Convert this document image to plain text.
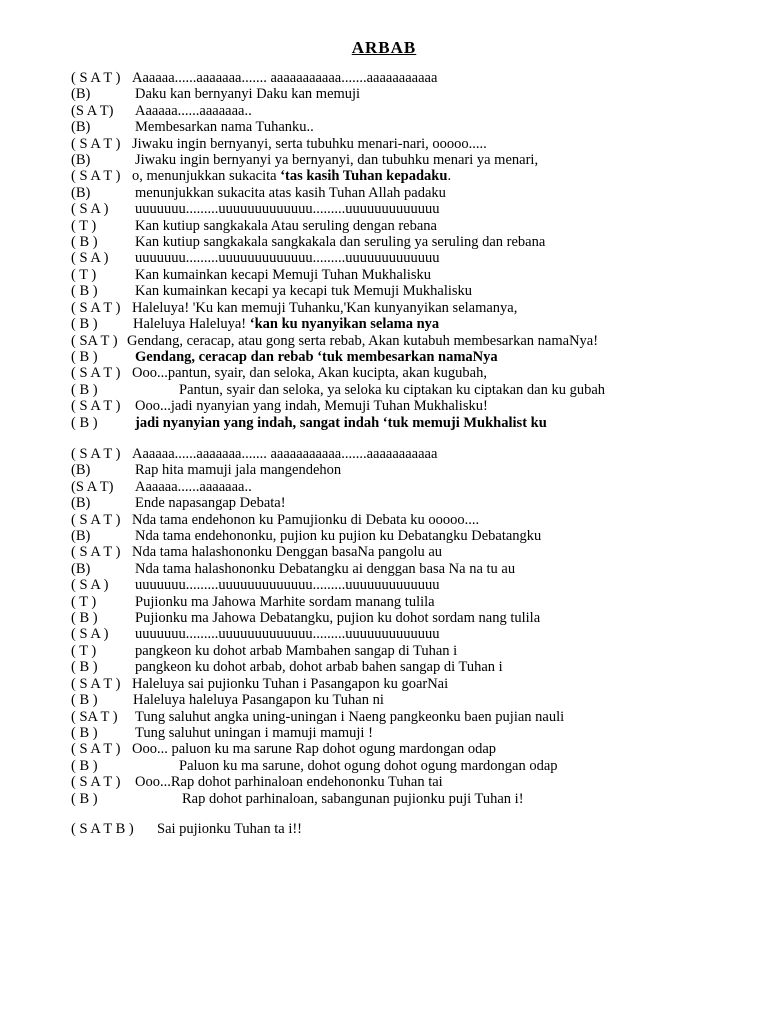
ARBAB
( S A T ) Aaaaaa......aaaaaaa....... aaaaaaaaaaa.......aaaaaaaaaaa
(B)	Daku kan bernyanyi Daku kan memuji
(S A T) Aaaaaa......aaaaaaa..
(B)	Membesarkan nama Tuhanku..
( S A T ) Jiwaku ingin bernyanyi, serta tubuhku menari-nari, ooooo.....
(B)	Jiwaku ingin bernyanyi ya bernyanyi, dan tubuhku menari ya menari,
( S A T ) o, menunjukkan sukacita ‘tas kasih Tuhan kepadaku.
(B)	menunjukkan sukacita atas kasih Tuhan Allah padaku
( S A ) uuuuuuu.........uuuuuuuuuuuuu.........uuuuuuuuuuuuu
( T )	Kan kutiup sangkakala Atau seruling dengan rebana
( B )	Kan kutiup sangkakala sangkakala dan seruling ya seruling dan rebana
( S A ) uuuuuuu.........uuuuuuuuuuuuu.........uuuuuuuuuuuuu
( T )	Kan kumainkan kecapi Memuji Tuhan Mukhalisku
( B )	Kan kumainkan kecapi ya kecapi tuk Memuji Mukhalisku
( S A T ) Haleluya! 'Ku kan memuji Tuhanku,'Kan kunyanyikan selamanya,
( B ) Haleluya Haleluya! ‘kan ku nyanyikan selama nya
( SA T ) Gendang, ceracap, atau gong serta rebab, Akan kutabuh membesarkan namaNya!
( B )	Gendang, ceracap dan rebab ‘tuk membesarkan namaNya
( S A T ) Ooo...pantun, syair, dan seloka, Akan kucipta, akan kugubah,
( B )	Pantun, syair dan seloka, ya seloka ku ciptakan ku ciptakan dan ku gubah
( S A T ) Ooo...jadi nyanyian yang indah, Memuji Tuhan Mukhalisku!
( B )	jadi nyanyian yang indah, sangat indah ‘tuk memuji Mukhalist ku
( S A T ) Aaaaaa......aaaaaaa....... aaaaaaaaaaa.......aaaaaaaaaaa
(B)	Rap hita mamuji jala mangendehon
(S A T) Aaaaaa......aaaaaaa..
(B)	Ende napasangap Debata!
( S A T ) Nda tama endehonon ku Pamujionku di Debata ku ooooo....
(B)	Nda tama endehononku, pujion ku pujion ku Debatangku Debatangku
( S A T ) Nda tama halashononku Denggan basaNa pangolu au
(B)	Nda tama halashononku Debatangku ai denggan basa Na na tu au
( S A ) uuuuuuu.........uuuuuuuuuuuuu.........uuuuuuuuuuuuu
( T )	Pujionku ma Jahowa Marhite sordam manang tulila
( B )	Pujionku ma Jahowa Debatangku, pujion ku dohot sordam nang tulila
( S A ) uuuuuuu.........uuuuuuuuuuuuu.........uuuuuuuuuuuuu
( T )	pangkeon ku dohot arbab Mambahen sangap di Tuhan i
( B )	pangkeon ku dohot arbab, dohot arbab bahen sangap di Tuhan i
( S A T ) Haleluya sai pujionku Tuhan i Pasangapon ku goarNai
( B ) Haleluya haleluya Pasangapon ku Tuhan ni
( SA T ) Tung saluhut angka uning-uningan i Naeng pangkeonku baen pujian nauli
( B )	Tung saluhut uningan i mamuji mamuji !
( S A T ) Ooo... paluon ku ma sarune Rap dohot ogung mardongan odap
( B )	Paluon ku ma sarune, dohot ogung dohot ogung mardongan odap
( S A T ) Ooo...Rap dohot parhinaloan endehononku Tuhan tai
( B )	Rap dohot parhinaloan, sabangunan pujionku puji Tuhan i!
( S A T B ) Sai pujionku Tuhan ta i!!
